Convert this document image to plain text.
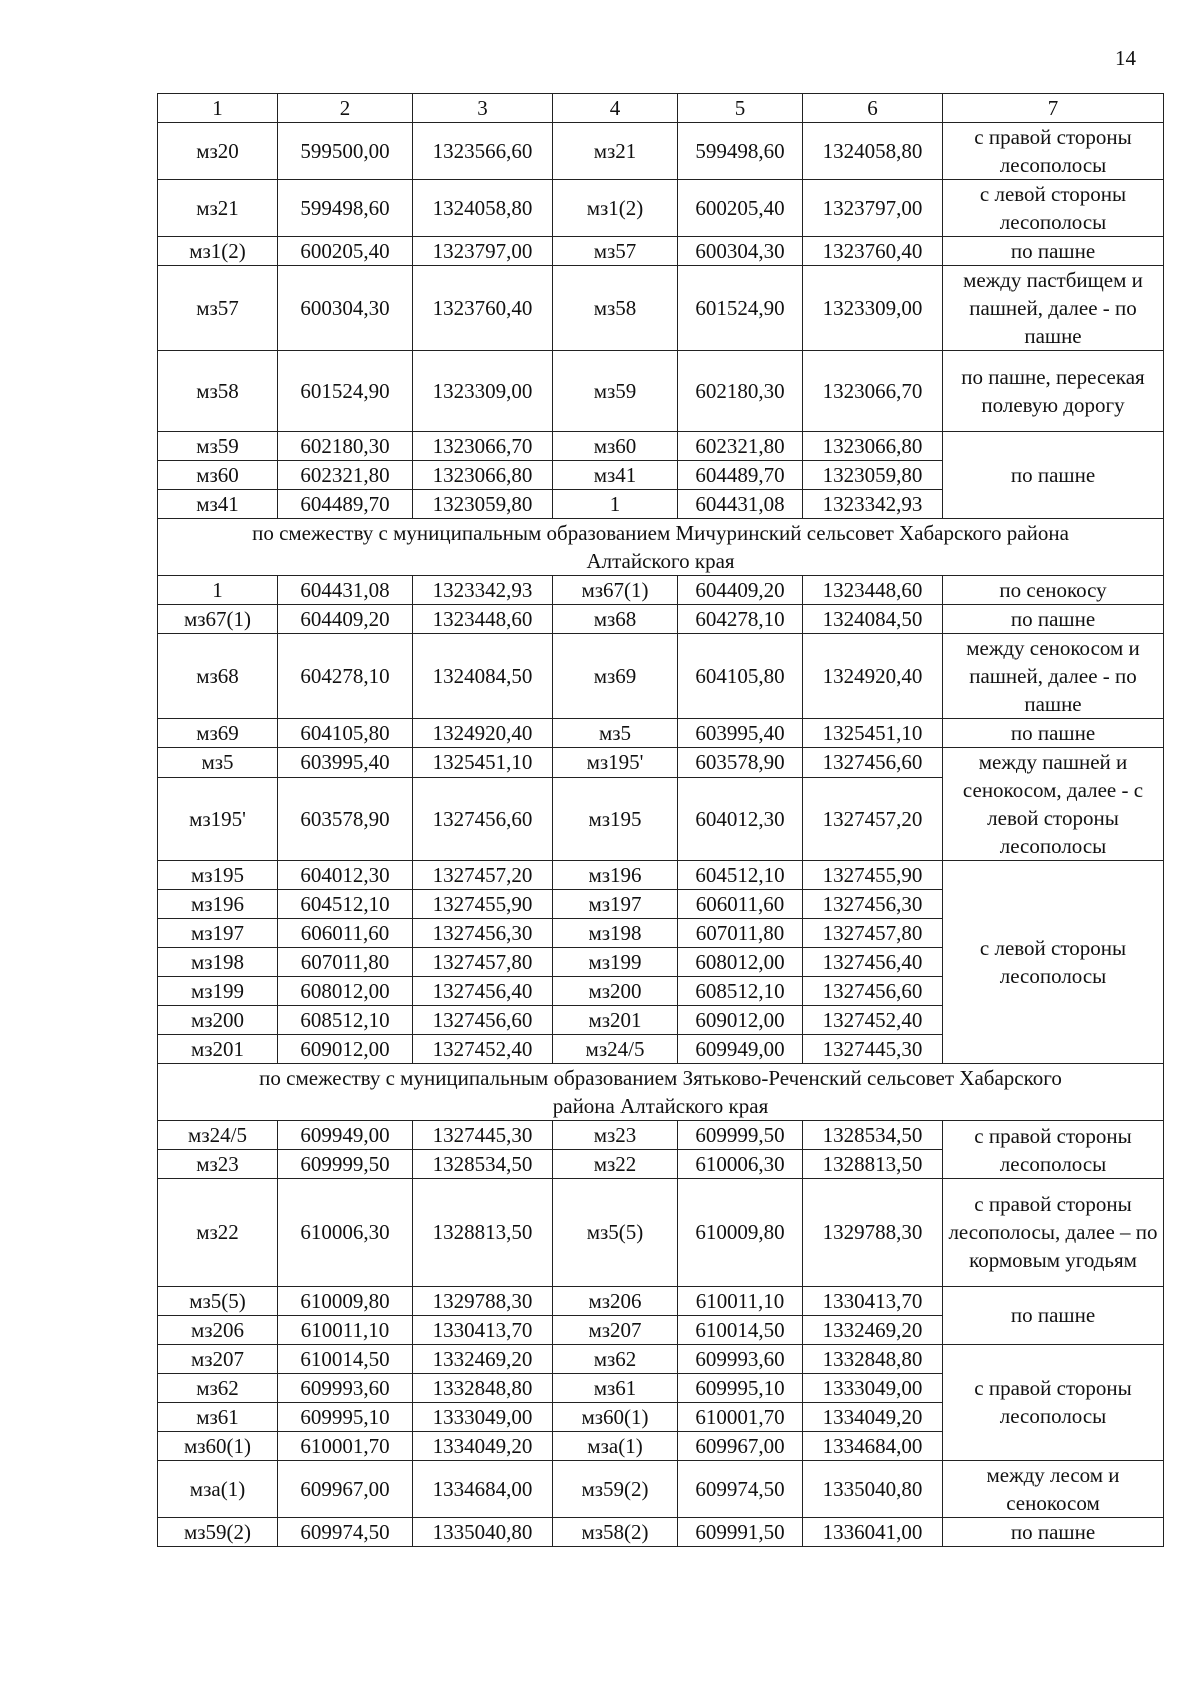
14
1	2	3	4	5	6	7
мз20	599500,00	1323566,60	мз21	599498,60	1324058,80	с правой стороны лесополосы
мз21	599498,60	1324058,80	мз1(2)	600205,40	1323797,00	с левой стороны лесополосы
мз1(2)	600205,40	1323797,00	мз57	600304,30	1323760,40	по пашне
мз57	600304,30	1323760,40	мз58	601524,90	1323309,00	между пастбищем и пашней, далее - по пашне
мз58	601524,90	1323309,00	мз59	602180,30	1323066,70	по пашне, пересекая полевую дорогу
мз59	602180,30	1323066,70	мз60	602321,80	1323066,80	по пашне
мз60	602321,80	1323066,80	мз41	604489,70	1323059,80	
мз41	604489,70	1323059,80	1	604431,08	1323342,93	
по смежеству с муниципальным образованием Мичуринский сельсовет Хабарского района Алтайского края						
1	604431,08	1323342,93	мз67(1)	604409,20	1323448,60	по сенокосу
мз67(1)	604409,20	1323448,60	мз68	604278,10	1324084,50	по пашне
мз68	604278,10	1324084,50	мз69	604105,80	1324920,40	между сенокосом и пашней, далее - по пашне
мз69	604105,80	1324920,40	мз5	603995,40	1325451,10	по пашне
мз5	603995,40	1325451,10	мз195'	603578,90	1327456,60	между пашней и сенокосом, далее - с левой стороны лесополосы
мз195'	603578,90	1327456,60	мз195	604012,30	1327457,20	
мз195	604012,30	1327457,20	мз196	604512,10	1327455,90	с левой стороны лесополосы
мз196	604512,10	1327455,90	мз197	606011,60	1327456,30	
мз197	606011,60	1327456,30	мз198	607011,80	1327457,80	
мз198	607011,80	1327457,80	мз199	608012,00	1327456,40	
мз199	608012,00	1327456,40	мз200	608512,10	1327456,60	
мз200	608512,10	1327456,60	мз201	609012,00	1327452,40	
мз201	609012,00	1327452,40	мз24/5	609949,00	1327445,30	
по смежеству с муниципальным образованием Зятьково-Реченский сельсовет Хабарского района Алтайского края						
мз24/5	609949,00	1327445,30	мз23	609999,50	1328534,50	с правой стороны лесополосы
мз23	609999,50	1328534,50	мз22	610006,30	1328813,50	
мз22	610006,30	1328813,50	мз5(5)	610009,80	1329788,30	с правой стороны лесополосы, далее – по кормовым угодьям
мз5(5)	610009,80	1329788,30	мз206	610011,10	1330413,70	по пашне
мз206	610011,10	1330413,70	мз207	610014,50	1332469,20	
мз207	610014,50	1332469,20	мз62	609993,60	1332848,80	с правой стороны лесополосы
мз62	609993,60	1332848,80	мз61	609995,10	1333049,00	
мз61	609995,10	1333049,00	мз60(1)	610001,70	1334049,20	
мз60(1)	610001,70	1334049,20	мза(1)	609967,00	1334684,00	
мза(1)	609967,00	1334684,00	мз59(2)	609974,50	1335040,80	между лесом и сенокосом
мз59(2)	609974,50	1335040,80	мз58(2)	609991,50	1336041,00	по пашне
